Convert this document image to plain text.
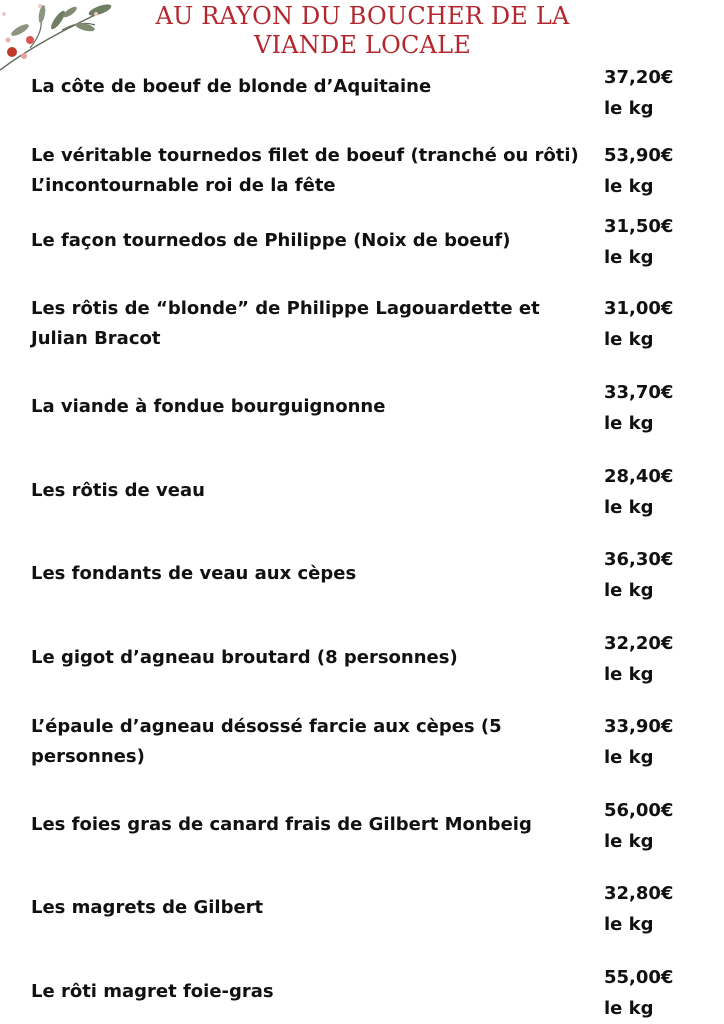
AU RAYON DU BOUCHER DE LA
VIANDE LOCALE
La côte de boeuf de blonde d’Aquitaine	37,20€
le kg
Le véritable tournedos filet de boeuf (tranché ou rôti) L’incontournable roi de la fête
53,90€
le kg
Le façon tournedos de Philippe (Noix de boeuf)
31,50€
le kg
Les rôtis de “blonde” de Philippe Lagouardette et Julian Bracot
31,00€
le kg
La viande à fondue bourguignonne
33,70€
le kg
Les rôtis de veau
28,40€
le kg
Les fondants de veau aux cèpes
36,30€
le kg
Le gigot d’agneau broutard (8 personnes)
32,20€
le kg
L’épaule d’agneau désossé farcie aux cèpes (5 personnes)
33,90€
le kg
Les foies gras de canard frais de Gilbert Monbeig
56,00€
le kg
Les magrets de Gilbert
32,80€
le kg
Le rôti magret foie-gras
55,00€
le kg
